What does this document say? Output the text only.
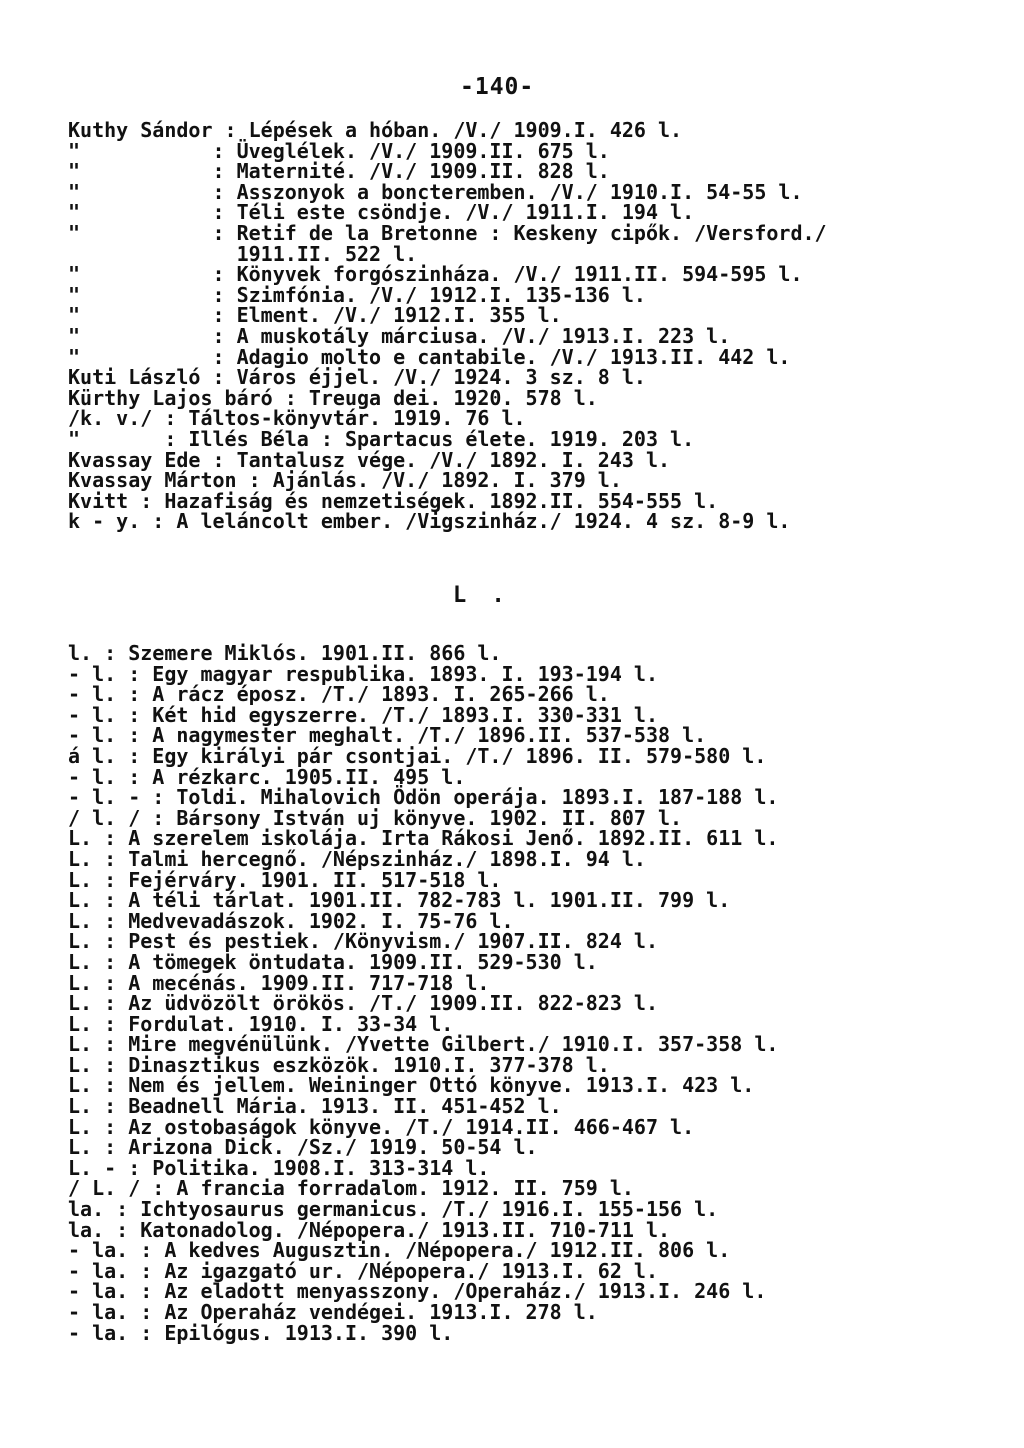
-140-
Kuthy Sándor : Lépések a hóban. /V./ 1909.I. 426 l.
"           : Üveglélek. /V./ 1909.II. 675 l.
"           : Maternité. /V./ 1909.II. 828 l.
"           : Asszonyok a boncteremben. /V./ 1910.I. 54-55 l.
"           : Téli este csöndje. /V./ 1911.I. 194 l.
"           : Retif de la Bretonne : Keskeny cipők. /Versford./
1911.II. 522 l.
"           : Könyvek forgószinháza. /V./ 1911.II. 594-595 l.
"           : Szimfónia. /V./ 1912.I. 135-136 l.
"           : Elment. /V./ 1912.I. 355 l.
"           : A muskotály márciusa. /V./ 1913.I. 223 l.
"           : Adagio molto e cantabile. /V./ 1913.II. 442 l.
Kuti László : Város éjjel. /V./ 1924. 3 sz. 8 l.
Kürthy Lajos báró : Treuga dei. 1920. 578 l.
/k. v./ : Táltos-könyvtár. 1919. 76 l.
"       : Illés Béla : Spartacus élete. 1919. 203 l.
Kvassay Ede : Tantalusz vége. /V./ 1892. I. 243 l.
Kvassay Márton : Ajánlás. /V./ 1892. I. 379 l.
Kvitt : Hazafiság és nemzetiségek. 1892.II. 554-555 l.
k - y. : A leláncolt ember. /Vigszinház./ 1924. 4 sz. 8-9 l.
L .
l. : Szemere Miklós. 1901.II. 866 l.
- l. : Egy magyar respublika. 1893. I. 193-194 l.
- l. : A rácz éposz. /T./ 1893. I. 265-266 l.
- l. : Két hid egyszerre. /T./ 1893.I. 330-331 l.
- l. : A nagymester meghalt. /T./ 1896.II. 537-538 l.
á l. : Egy királyi pár csontjai. /T./ 1896. II. 579-580 l.
- l. : A rézkarc. 1905.II. 495 l.
- l. - : Toldi. Mihalovich Ödön operája. 1893.I. 187-188 l.
/ l. / : Bársony István uj könyve. 1902. II. 807 l.
L. : A szerelem iskolája. Irta Rákosi Jenő. 1892.II. 611 l.
L. : Talmi hercegnő. /Népszinház./ 1898.I. 94 l.
L. : Fejérváry. 1901. II. 517-518 l.
L. : A téli tárlat. 1901.II. 782-783 l. 1901.II. 799 l.
L. : Medvevadászok. 1902. I. 75-76 l.
L. : Pest és pestiek. /Könyvism./ 1907.II. 824 l.
L. : A tömegek öntudata. 1909.II. 529-530 l.
L. : A mecénás. 1909.II. 717-718 l.
L. : Az üdvözölt örökös. /T./ 1909.II. 822-823 l.
L. : Fordulat. 1910. I. 33-34 l.
L. : Mire megvénülünk. /Yvette Gilbert./ 1910.I. 357-358 l.
L. : Dinasztikus eszközök. 1910.I. 377-378 l.
L. : Nem és jellem. Weininger Ottó könyve. 1913.I. 423 l.
L. : Beadnell Mária. 1913. II. 451-452 l.
L. : Az ostobaságok könyve. /T./ 1914.II. 466-467 l.
L. : Arizona Dick. /Sz./ 1919. 50-54 l.
L. - : Politika. 1908.I. 313-314 l.
/ L. / : A francia forradalom. 1912. II. 759 l.
la. : Ichtyosaurus germanicus. /T./ 1916.I. 155-156 l.
la. : Katonadolog. /Népopera./ 1913.II. 710-711 l.
- la. : A kedves Augusztin. /Népopera./ 1912.II. 806 l.
- la. : Az igazgató ur. /Népopera./ 1913.I. 62 l.
- la. : Az eladott menyasszony. /Operaház./ 1913.I. 246 l.
- la. : Az Operaház vendégei. 1913.I. 278 l.
- la. : Epilógus. 1913.I. 390 l.
